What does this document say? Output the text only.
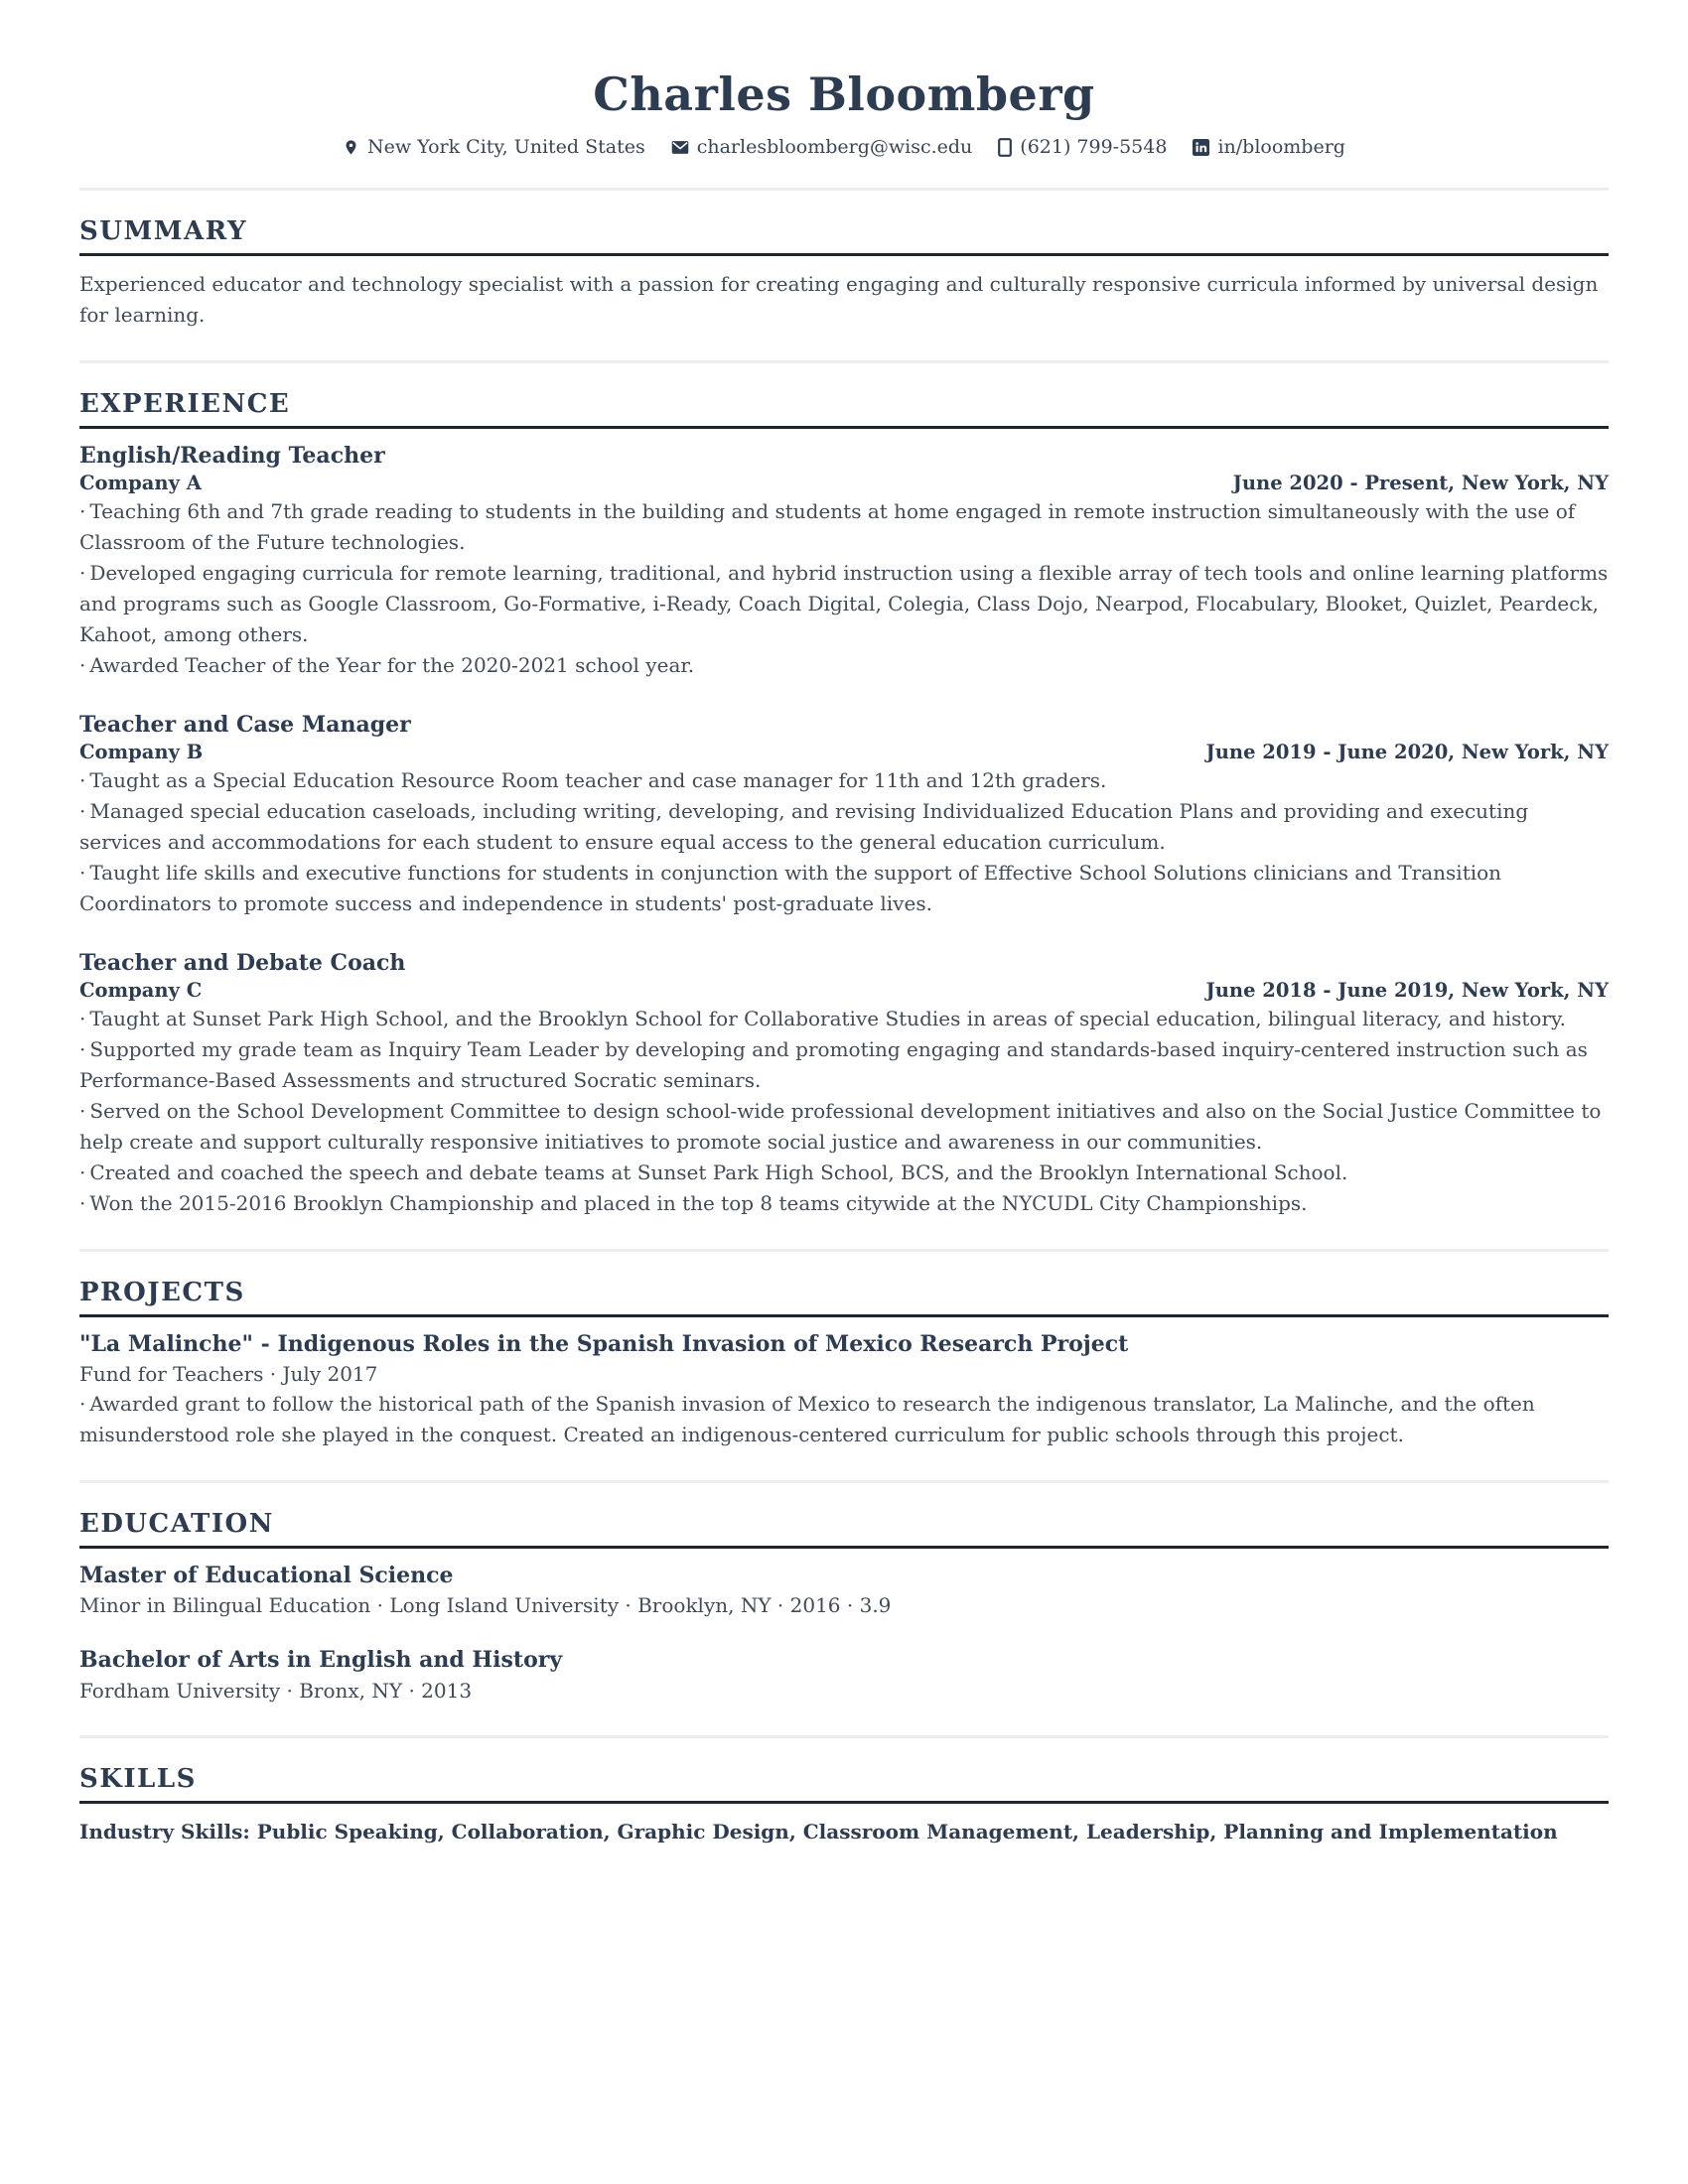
Charles Bloomberg
New York City, United States	charlesbloomberg@wisc.edu	(621) 799-5548	in/bloomberg
SUMMARY

Experienced educator and technology specialist with a passion for creating engaging and culturally responsive curricula informed by universal design for learning.

EXPERIENCE
English/Reading Teacher
Company A	June 2020 - Present, New York, NY
· Teaching 6th and 7th grade reading to students in the building and students at home engaged in remote instruction simultaneously with the use of Classroom of the Future technologies.
· Developed engaging curricula for remote learning, traditional, and hybrid instruction using a flexible array of tech tools and online learning platforms and programs such as Google Classroom, Go-Formative, i-Ready, Coach Digital, Colegia, Class Dojo, Nearpod, Flocabulary, Blooket, Quizlet, Peardeck, Kahoot, among others.
· Awarded Teacher of the Year for the 2020-2021 school year.
Teacher and Case Manager
Company B	June 2019 - June 2020, New York, NY
· Taught as a Special Education Resource Room teacher and case manager for 11th and 12th graders.
· Managed special education caseloads, including writing, developing, and revising Individualized Education Plans and providing and executing services and accommodations for each student to ensure equal access to the general education curriculum.
· Taught life skills and executive functions for students in conjunction with the support of Effective School Solutions clinicians and Transition Coordinators to promote success and independence in students' post-graduate lives.
Teacher and Debate Coach
Company C	June 2018 - June 2019, New York, NY
· Taught at Sunset Park High School, and the Brooklyn School for Collaborative Studies in areas of special education, bilingual literacy, and history.
· Supported my grade team as Inquiry Team Leader by developing and promoting engaging and standards-based inquiry-centered instruction such as Performance-Based Assessments and structured Socratic seminars.
· Served on the School Development Committee to design school-wide professional development initiatives and also on the Social Justice Committee to help create and support culturally responsive initiatives to promote social justice and awareness in our communities.
· Created and coached the speech and debate teams at Sunset Park High School, BCS, and the Brooklyn International School.
· Won the 2015-2016 Brooklyn Championship and placed in the top 8 teams citywide at the NYCUDL City Championships.
PROJECTS
"La Malinche" - Indigenous Roles in the Spanish Invasion of Mexico Research Project
Fund for Teachers · July 2017
· Awarded grant to follow the historical path of the Spanish invasion of Mexico to research the indigenous translator, La Malinche, and the often misunderstood role she played in the conquest. Created an indigenous-centered curriculum for public schools through this project.
EDUCATION
Master of Educational Science
Minor in Bilingual Education · Long Island University · Brooklyn, NY · 2016 · 3.9
Bachelor of Arts in English and History
Fordham University · Bronx, NY · 2013
SKILLS
Industry Skills: Public Speaking, Collaboration, Graphic Design, Classroom Management, Leadership, Planning and Implementation
